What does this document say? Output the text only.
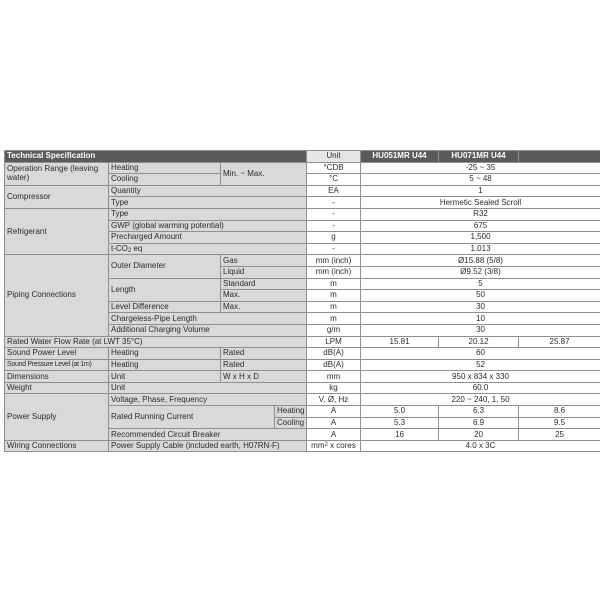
Technical Specification				Unit	HU051MR U44	HU071MR U44	HU091MR U44
Operation Range (leaving water)	Heating	Min. ~ Max.		°CDB	-25 ~ 35		
	Cooling			°C	5 ~ 48		
Compressor	Quantity			EA	1		
	Type			-	Hermetic Sealed Scroll		
Refrigerant	Type			-	R32		
	GWP (global warming potential)			-	675		
	Precharged Amount			g	1,500		
	t-CO2 eq			-	1.013		
Piping Connections	Outer Diameter	Gas		mm (inch)	Ø15.88 (5/8)		
		Liquid		mm (inch)	Ø9.52 (3/8)		
	Length	Standard		m	5		
		Max.		m	50		
	Level Difference	Max.		m	30		
	Chargeless-Pipe Length			m	10		
	Additional Charging Volume			g/m	30		
Rated Water Flow Rate (at LWT 35°C)				LPM	15.81	20.12	25.87
Sound Power Level	Heating	Rated		dB(A)	60		
Sound Pressure Level (at 1m)	Heating	Rated		dB(A)	52		
Dimensions	Unit	W x H x D		mm	950 x 834 x 330		
Weight	Unit			kg	60.0		
Power Supply	Voltage, Phase, Frequency			V, Ø, Hz	220 ~ 240, 1, 50		
	Rated Running Current		Heating	A	5.0	6.3	8.6
			Cooling	A	5.3	6.9	9.5
	Recommended Circuit Breaker			A	16	20	25
Wiring Connections	Power Supply Cable (included earth, H07RN-F)			$mm^2$ x cores	4.0 x 3C		
